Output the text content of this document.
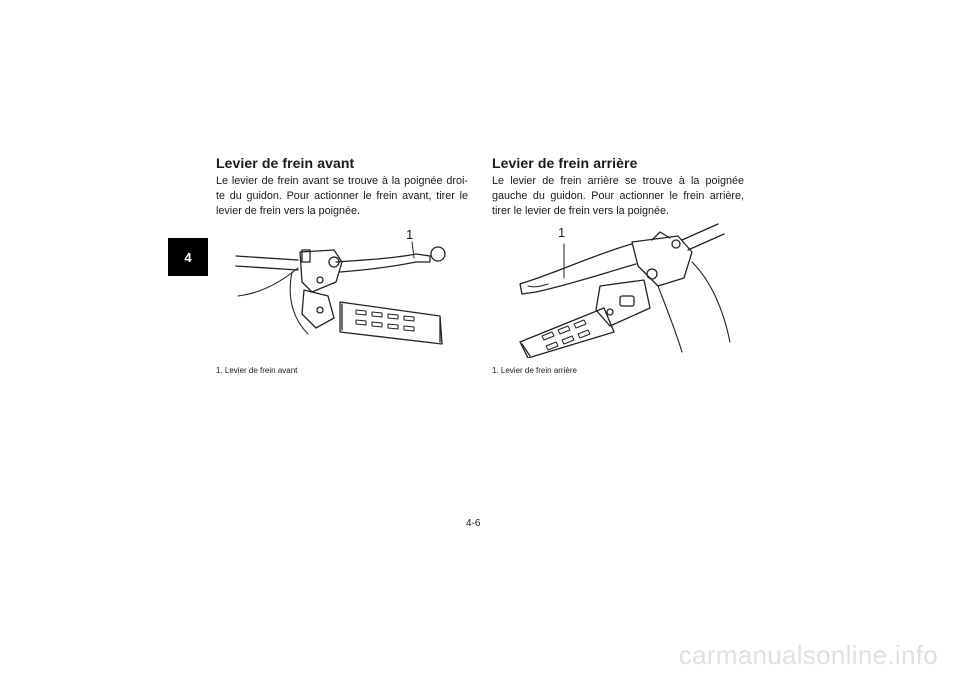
4
Levier de frein avant

Le levier de frein avant se trouve à la poignée droi-te du guidon. Pour actionner le frein avant, tirer le levier de frein vers la poignée.

1
1. Levier de frein avant
Levier de frein arrière

Le levier de frein arrière se trouve à la poignée gauche du guidon. Pour actionner le frein arrière, tirer le levier de frein vers la poignée.

1
1. Levier de frein arrière
4-6
carmanualsonline.info
